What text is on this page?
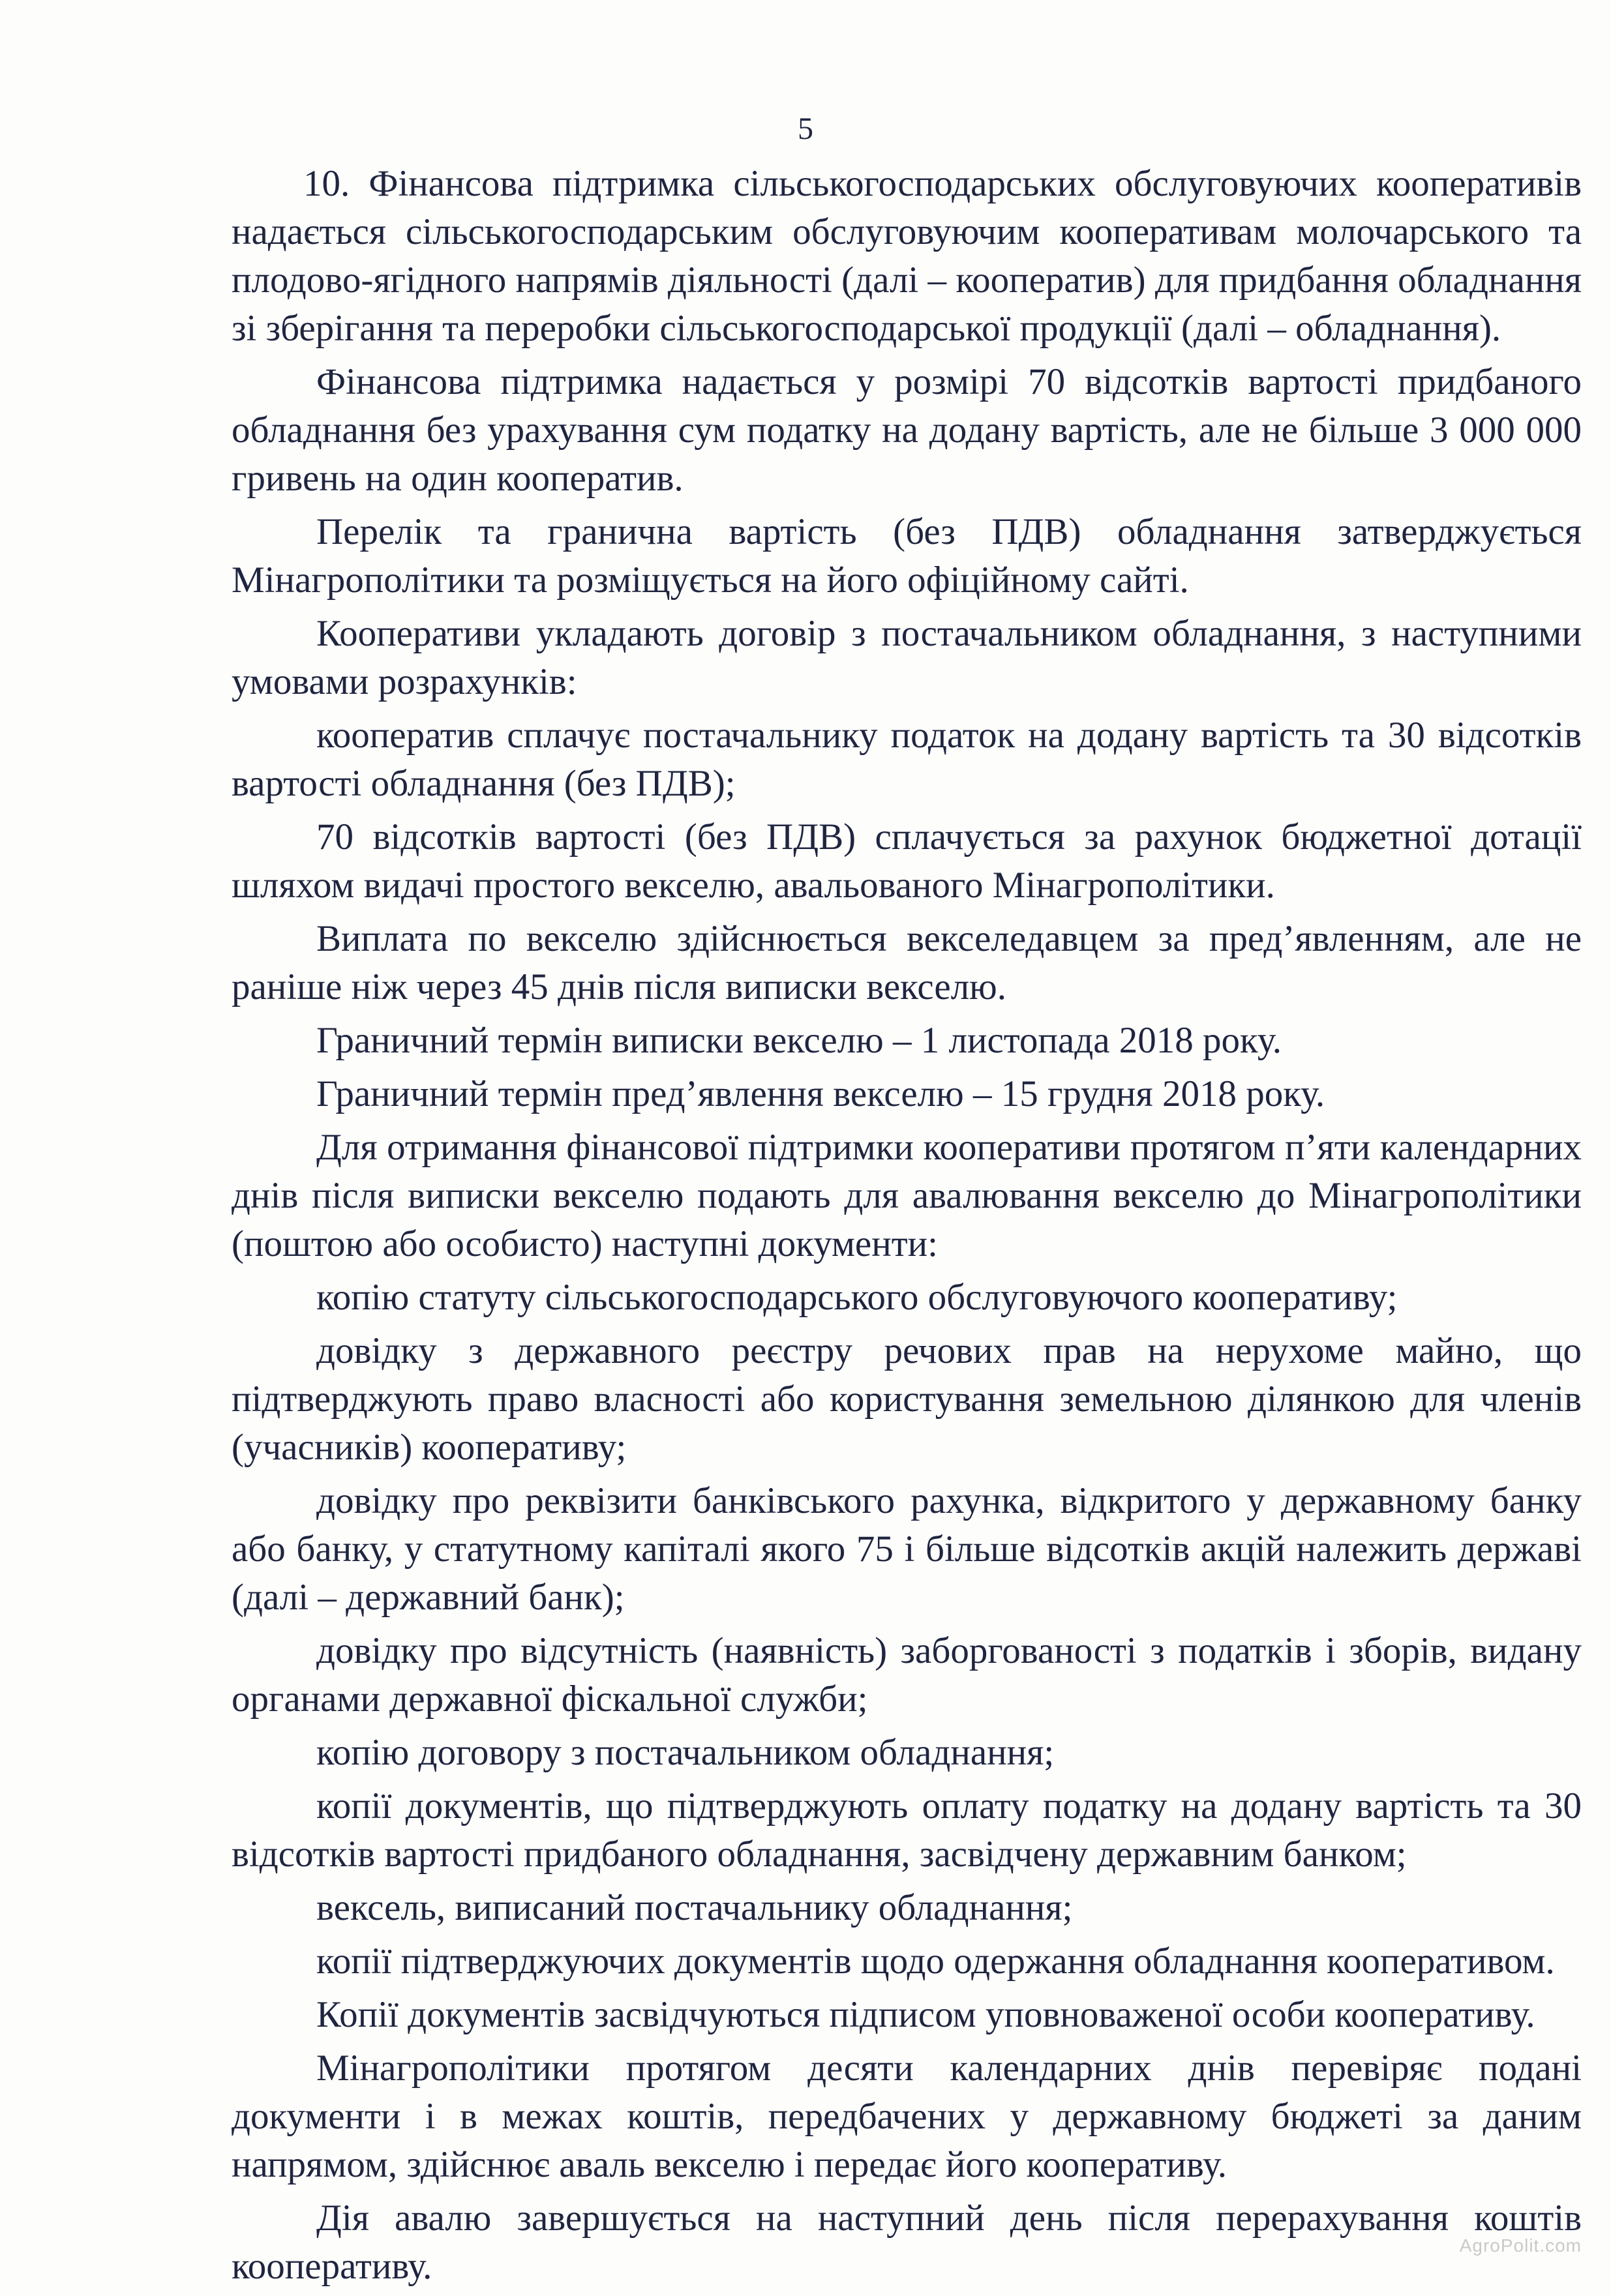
5

10. Фінансова підтримка сільськогосподарських обслуговуючих кооперативів надається сільськогосподарським обслуговуючим кооперативам молочарського та плодово-ягідного напрямів діяльності (далі – кооператив) для придбання обладнання зі зберігання та переробки сільськогосподарської продукції (далі – обладнання).

Фінансова підтримка надається у розмірі 70 відсотків вартості придбаного обладнання без урахування сум податку на додану вартість, але не більше 3 000 000 гривень на один кооператив.

Перелік та гранична вартість (без ПДВ) обладнання затверджується Мінагрополітики та розміщується на його офіційному сайті.

Кооперативи укладають договір з постачальником обладнання, з наступними умовами розрахунків:

кооператив сплачує постачальнику податок на додану вартість та 30 відсотків вартості обладнання (без ПДВ);

70 відсотків вартості (без ПДВ) сплачується за рахунок бюджетної дотації шляхом видачі простого векселю, авальованого Мінагрополітики.

Виплата по векселю здійснюється векселедавцем за пред’явленням, але не раніше ніж через 45 днів після виписки векселю.

Граничний термін виписки векселю – 1 листопада 2018 року.

Граничний термін пред’явлення векселю – 15 грудня 2018 року.

Для отримання фінансової підтримки кооперативи протягом п’яти календарних днів після виписки векселю подають для авалювання векселю до Мінагрополітики (поштою або особисто) наступні документи:

копію статуту сільськогосподарського обслуговуючого кооперативу;

довідку з державного реєстру речових прав на нерухоме майно, що підтверджують право власності або користування земельною ділянкою для членів (учасників) кооперативу;

довідку про реквізити банківського рахунка, відкритого у державному банку або банку, у статутному капіталі якого 75 і більше відсотків акцій належить державі (далі – державний банк);

довідку про відсутність (наявність) заборгованості з податків і зборів, видану органами державної фіскальної служби;

копію договору з постачальником обладнання;

копії документів, що підтверджують оплату податку на додану вартість та 30 відсотків вартості придбаного обладнання, засвідчену державним банком;

вексель, виписаний постачальнику обладнання;

копії підтверджуючих документів щодо одержання обладнання кооперативом.

Копії документів засвідчуються підписом уповноваженої особи кооперативу.

Мінагрополітики протягом десяти календарних днів перевіряє подані документи і в межах коштів, передбачених у державному бюджеті за даним напрямом, здійснює аваль векселю і передає його кооперативу.

Дія авалю завершується на наступний день після перерахування коштів кооперативу.

AgroPolit.com
